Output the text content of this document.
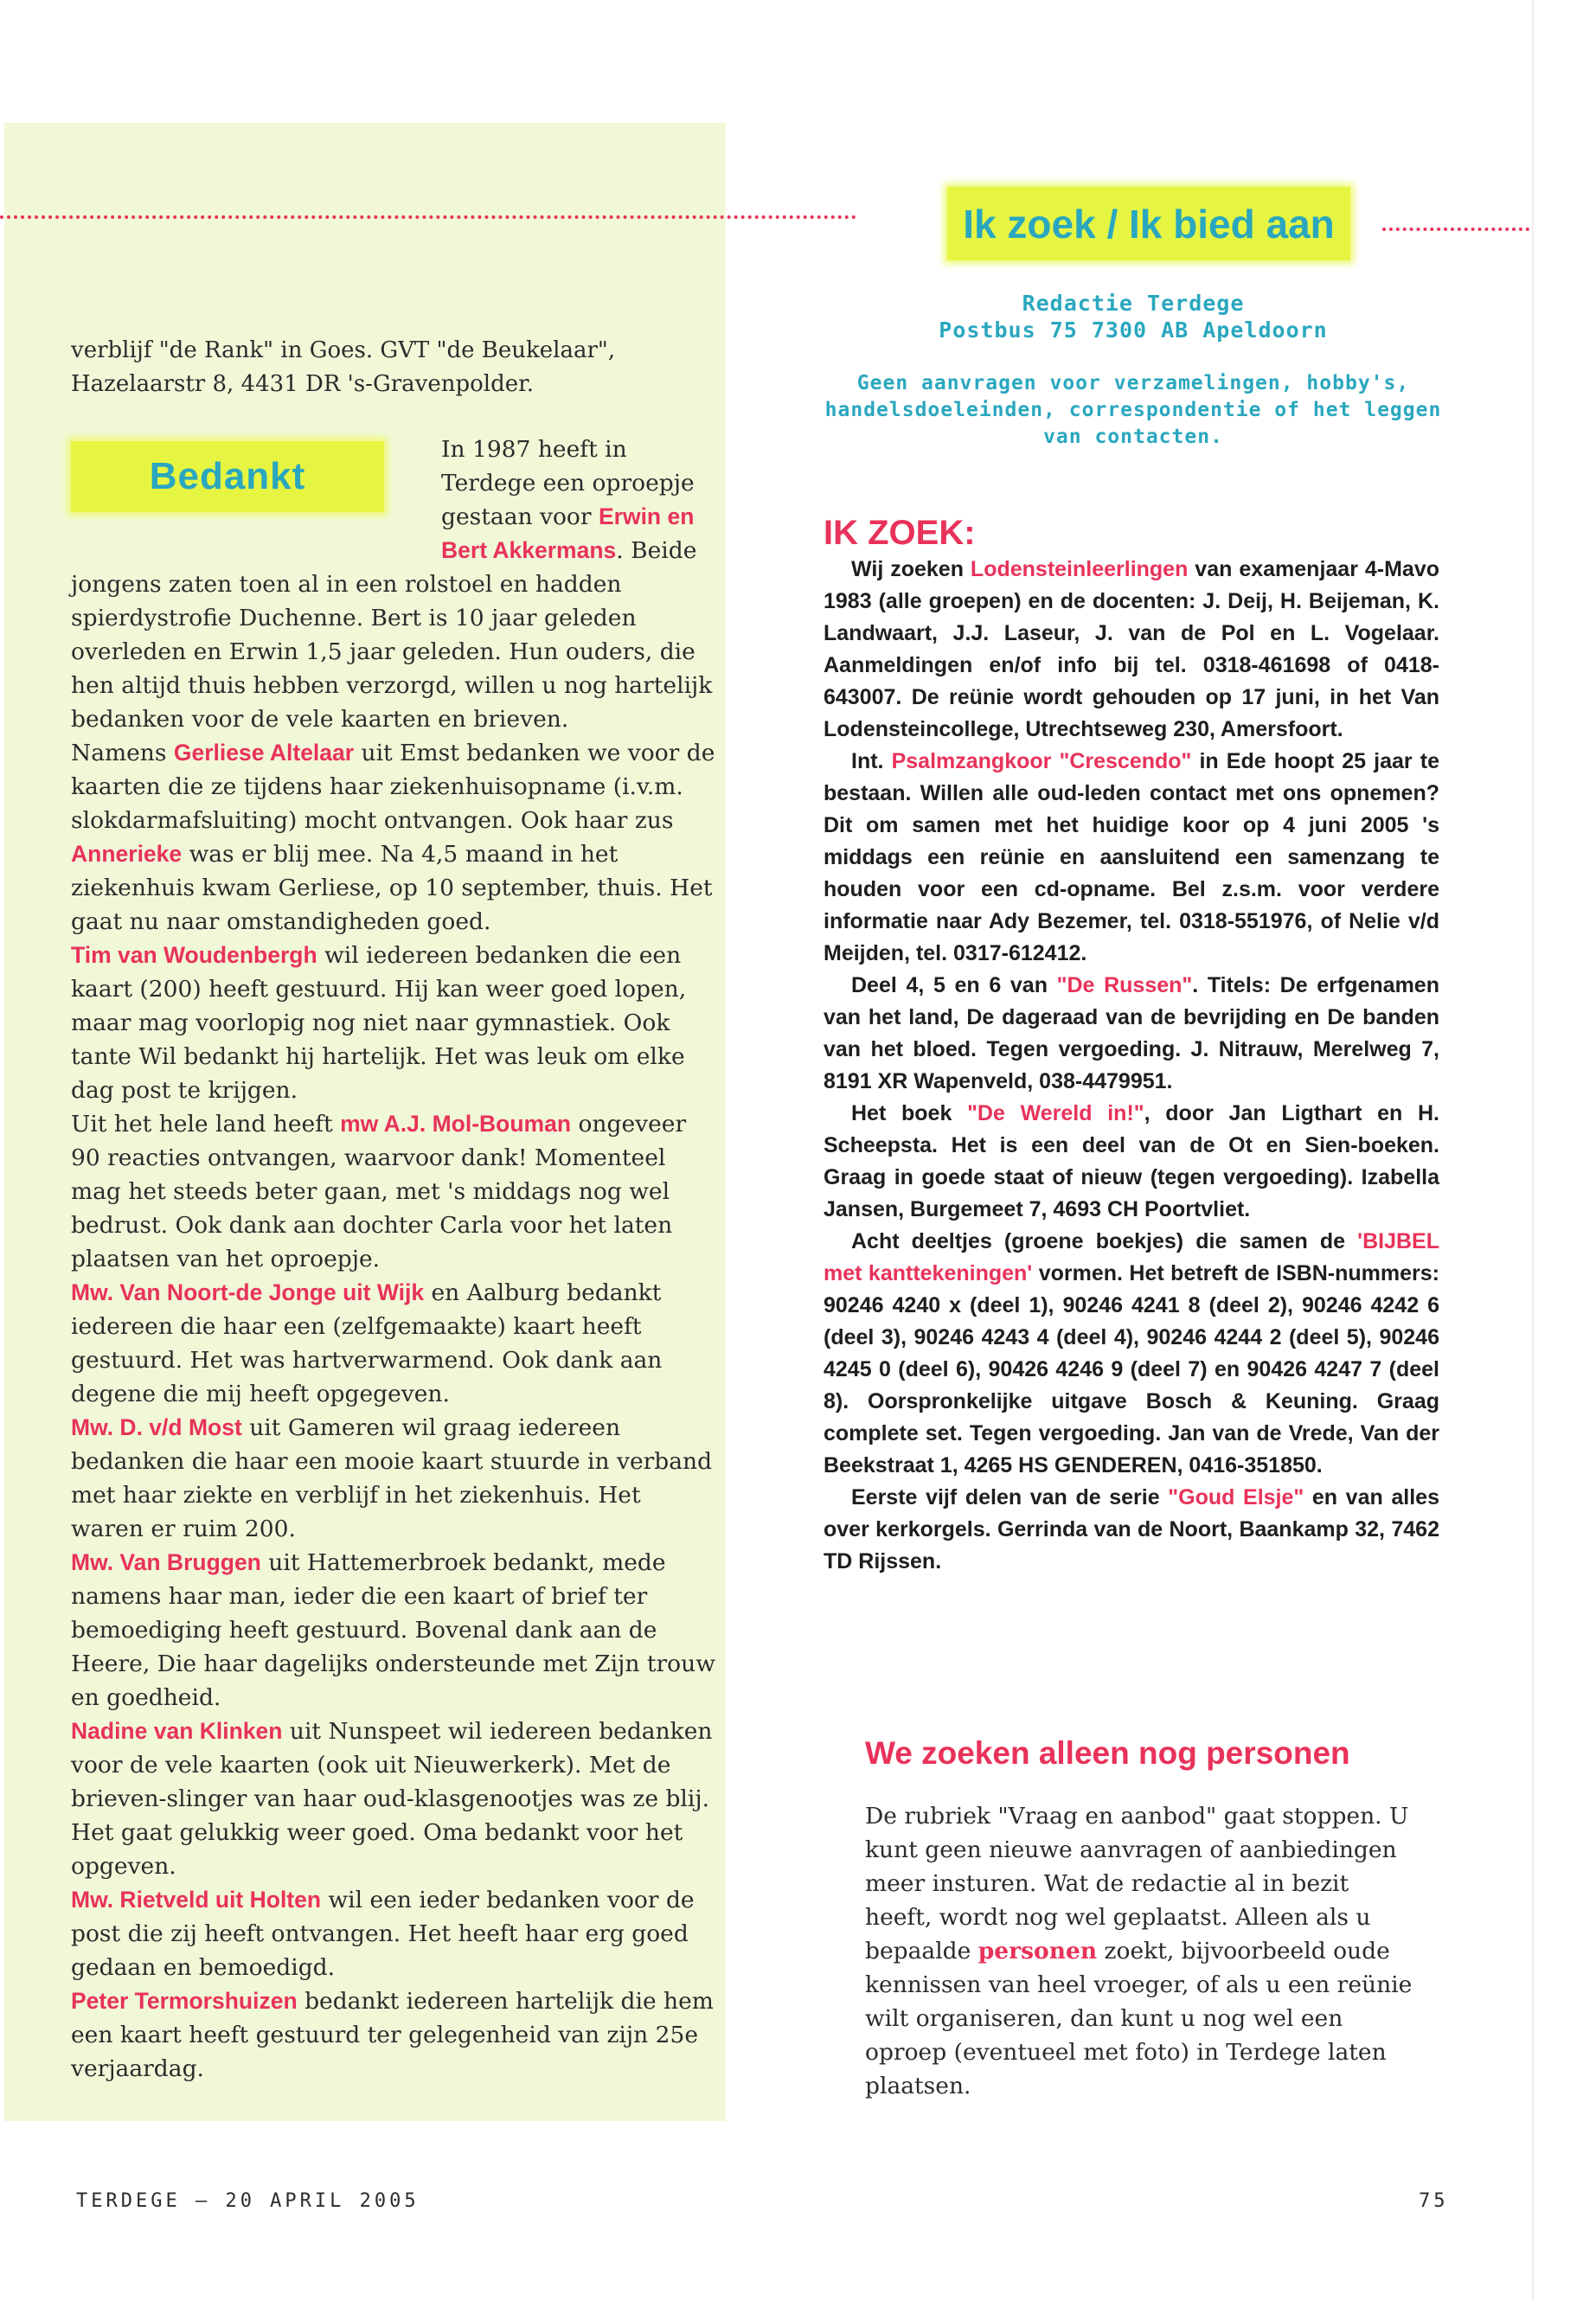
verblijf "de Rank" in Goes. GVT "de Beukelaar", Hazelaarstr 8, 4431 DR 's-Gravenpolder.

In 1987 heeft in Terdege een oproepje gestaan voor Erwin en Bert Akkermans. Beide jongens zaten toen al in een rolstoel en hadden spierdystrofie Duchenne. Bert is 10 jaar geleden overleden en Erwin 1,5 jaar geleden. Hun ouders, die hen altijd thuis hebben verzorgd, willen u nog hartelijk bedanken voor de vele kaarten en brieven.

Namens Gerliese Altelaar uit Emst bedanken we voor de kaarten die ze tijdens haar ziekenhuisopname (i.v.m. slokdarmafsluiting) mocht ontvangen. Ook haar zus Annerieke was er blij mee. Na 4,5 maand in het ziekenhuis kwam Gerliese, op 10 september, thuis. Het gaat nu naar omstandigheden goed.

Tim van Woudenbergh wil iedereen bedanken die een kaart (200) heeft gestuurd. Hij kan weer goed lopen, maar mag voorlopig nog niet naar gymnastiek. Ook tante Wil bedankt hij hartelijk. Het was leuk om elke dag post te krijgen.

Uit het hele land heeft mw A.J. Mol-Bouman ongeveer 90 reacties ontvangen, waarvoor dank! Momenteel mag het steeds beter gaan, met 's middags nog wel bedrust. Ook dank aan dochter Carla voor het laten plaatsen van het oproepje.

Mw. Van Noort-de Jonge uit Wijk en Aalburg bedankt iedereen die haar een (zelfgemaakte) kaart heeft gestuurd. Het was hartverwarmend. Ook dank aan degene die mij heeft opgegeven.

Mw. D. v/d Most uit Gameren wil graag iedereen bedanken die haar een mooie kaart stuurde in verband met haar ziekte en verblijf in het ziekenhuis. Het waren er ruim 200.

Mw. Van Bruggen uit Hattemerbroek bedankt, mede namens haar man, ieder die een kaart of brief ter bemoediging heeft gestuurd. Bovenal dank aan de Heere, Die haar dagelijks ondersteunde met Zijn trouw en goedheid.

Nadine van Klinken uit Nunspeet wil iedereen bedanken voor de vele kaarten (ook uit Nieuwerkerk). Met de brieven-slinger van haar oud-klasgenootjes was ze blij. Het gaat gelukkig weer goed. Oma bedankt voor het opgeven.

Mw. Rietveld uit Holten wil een ieder bedanken voor de post die zij heeft ontvangen. Het heeft haar erg goed gedaan en bemoedigd.

Peter Termorshuizen bedankt iedereen hartelijk die hem een kaart heeft gestuurd ter gelegenheid van zijn 25e verjaardag.

Bedankt
Ik zoek / Ik bied aan
Redactie Terdege
Postbus 75 7300 AB Apeldoorn
Geen aanvragen voor verzamelingen, hobby's, handelsdoeleinden, correspondentie of het leggen van contacten.
IK ZOEK:

Wij zoeken Lodensteinleerlingen van examenjaar 4-Mavo 1983 (alle groepen) en de docenten: J. Deij, H. Beijeman, K. Landwaart, J.J. Laseur, J. van de Pol en L. Vogelaar. Aanmeldingen en/of info bij tel. 0318-461698 of 0418-643007. De reünie wordt gehouden op 17 juni, in het Van Lodensteincollege, Utrechtseweg 230, Amersfoort.

Int. Psalmzangkoor "Crescendo" in Ede hoopt 25 jaar te bestaan. Willen alle oud-leden contact met ons opnemen? Dit om samen met het huidige koor op 4 juni 2005 's middags een reünie en aansluitend een samenzang te houden voor een cd-opname. Bel z.s.m. voor verdere informatie naar Ady Bezemer, tel. 0318-551976, of Nelie v/d Meijden, tel. 0317-612412.

Deel 4, 5 en 6 van "De Russen". Titels: De erfgenamen van het land, De dageraad van de bevrijding en De banden van het bloed. Tegen vergoeding. J. Nitrauw, Merelweg 7, 8191 XR Wapenveld, 038-4479951.

Het boek "De Wereld in!", door Jan Ligthart en H. Scheepsta. Het is een deel van de Ot en Sien-boeken. Graag in goede staat of nieuw (tegen vergoeding). Izabella Jansen, Burgemeet 7, 4693 CH Poortvliet.

Acht deeltjes (groene boekjes) die samen de 'BIJBEL met kanttekeningen' vormen. Het betreft de ISBN-nummers: 90246 4240 x (deel 1), 90246 4241 8 (deel 2), 90246 4242 6 (deel 3), 90246 4243 4 (deel 4), 90246 4244 2 (deel 5), 90246 4245 0 (deel 6), 90426 4246 9 (deel 7) en 90426 4247 7 (deel 8). Oorspronkelijke uitgave Bosch & Keuning. Graag complete set. Tegen vergoeding. Jan van de Vrede, Van der Beekstraat 1, 4265 HS GENDEREN, 0416-351850.

Eerste vijf delen van de serie "Goud Elsje" en van alles over kerkorgels. Gerrinda van de Noort, Baankamp 32, 7462 TD Rijssen.

We zoeken alleen nog personen

De rubriek "Vraag en aanbod" gaat stoppen. U kunt geen nieuwe aanvragen of aanbiedingen meer insturen. Wat de redactie al in bezit heeft, wordt nog wel geplaatst. Alleen als u bepaalde personen zoekt, bijvoorbeeld oude kennissen van heel vroeger, of als u een reünie wilt organiseren, dan kunt u nog wel een oproep (eventueel met foto) in Terdege laten plaatsen.

TERDEGE – 20 APRIL 2005	75
